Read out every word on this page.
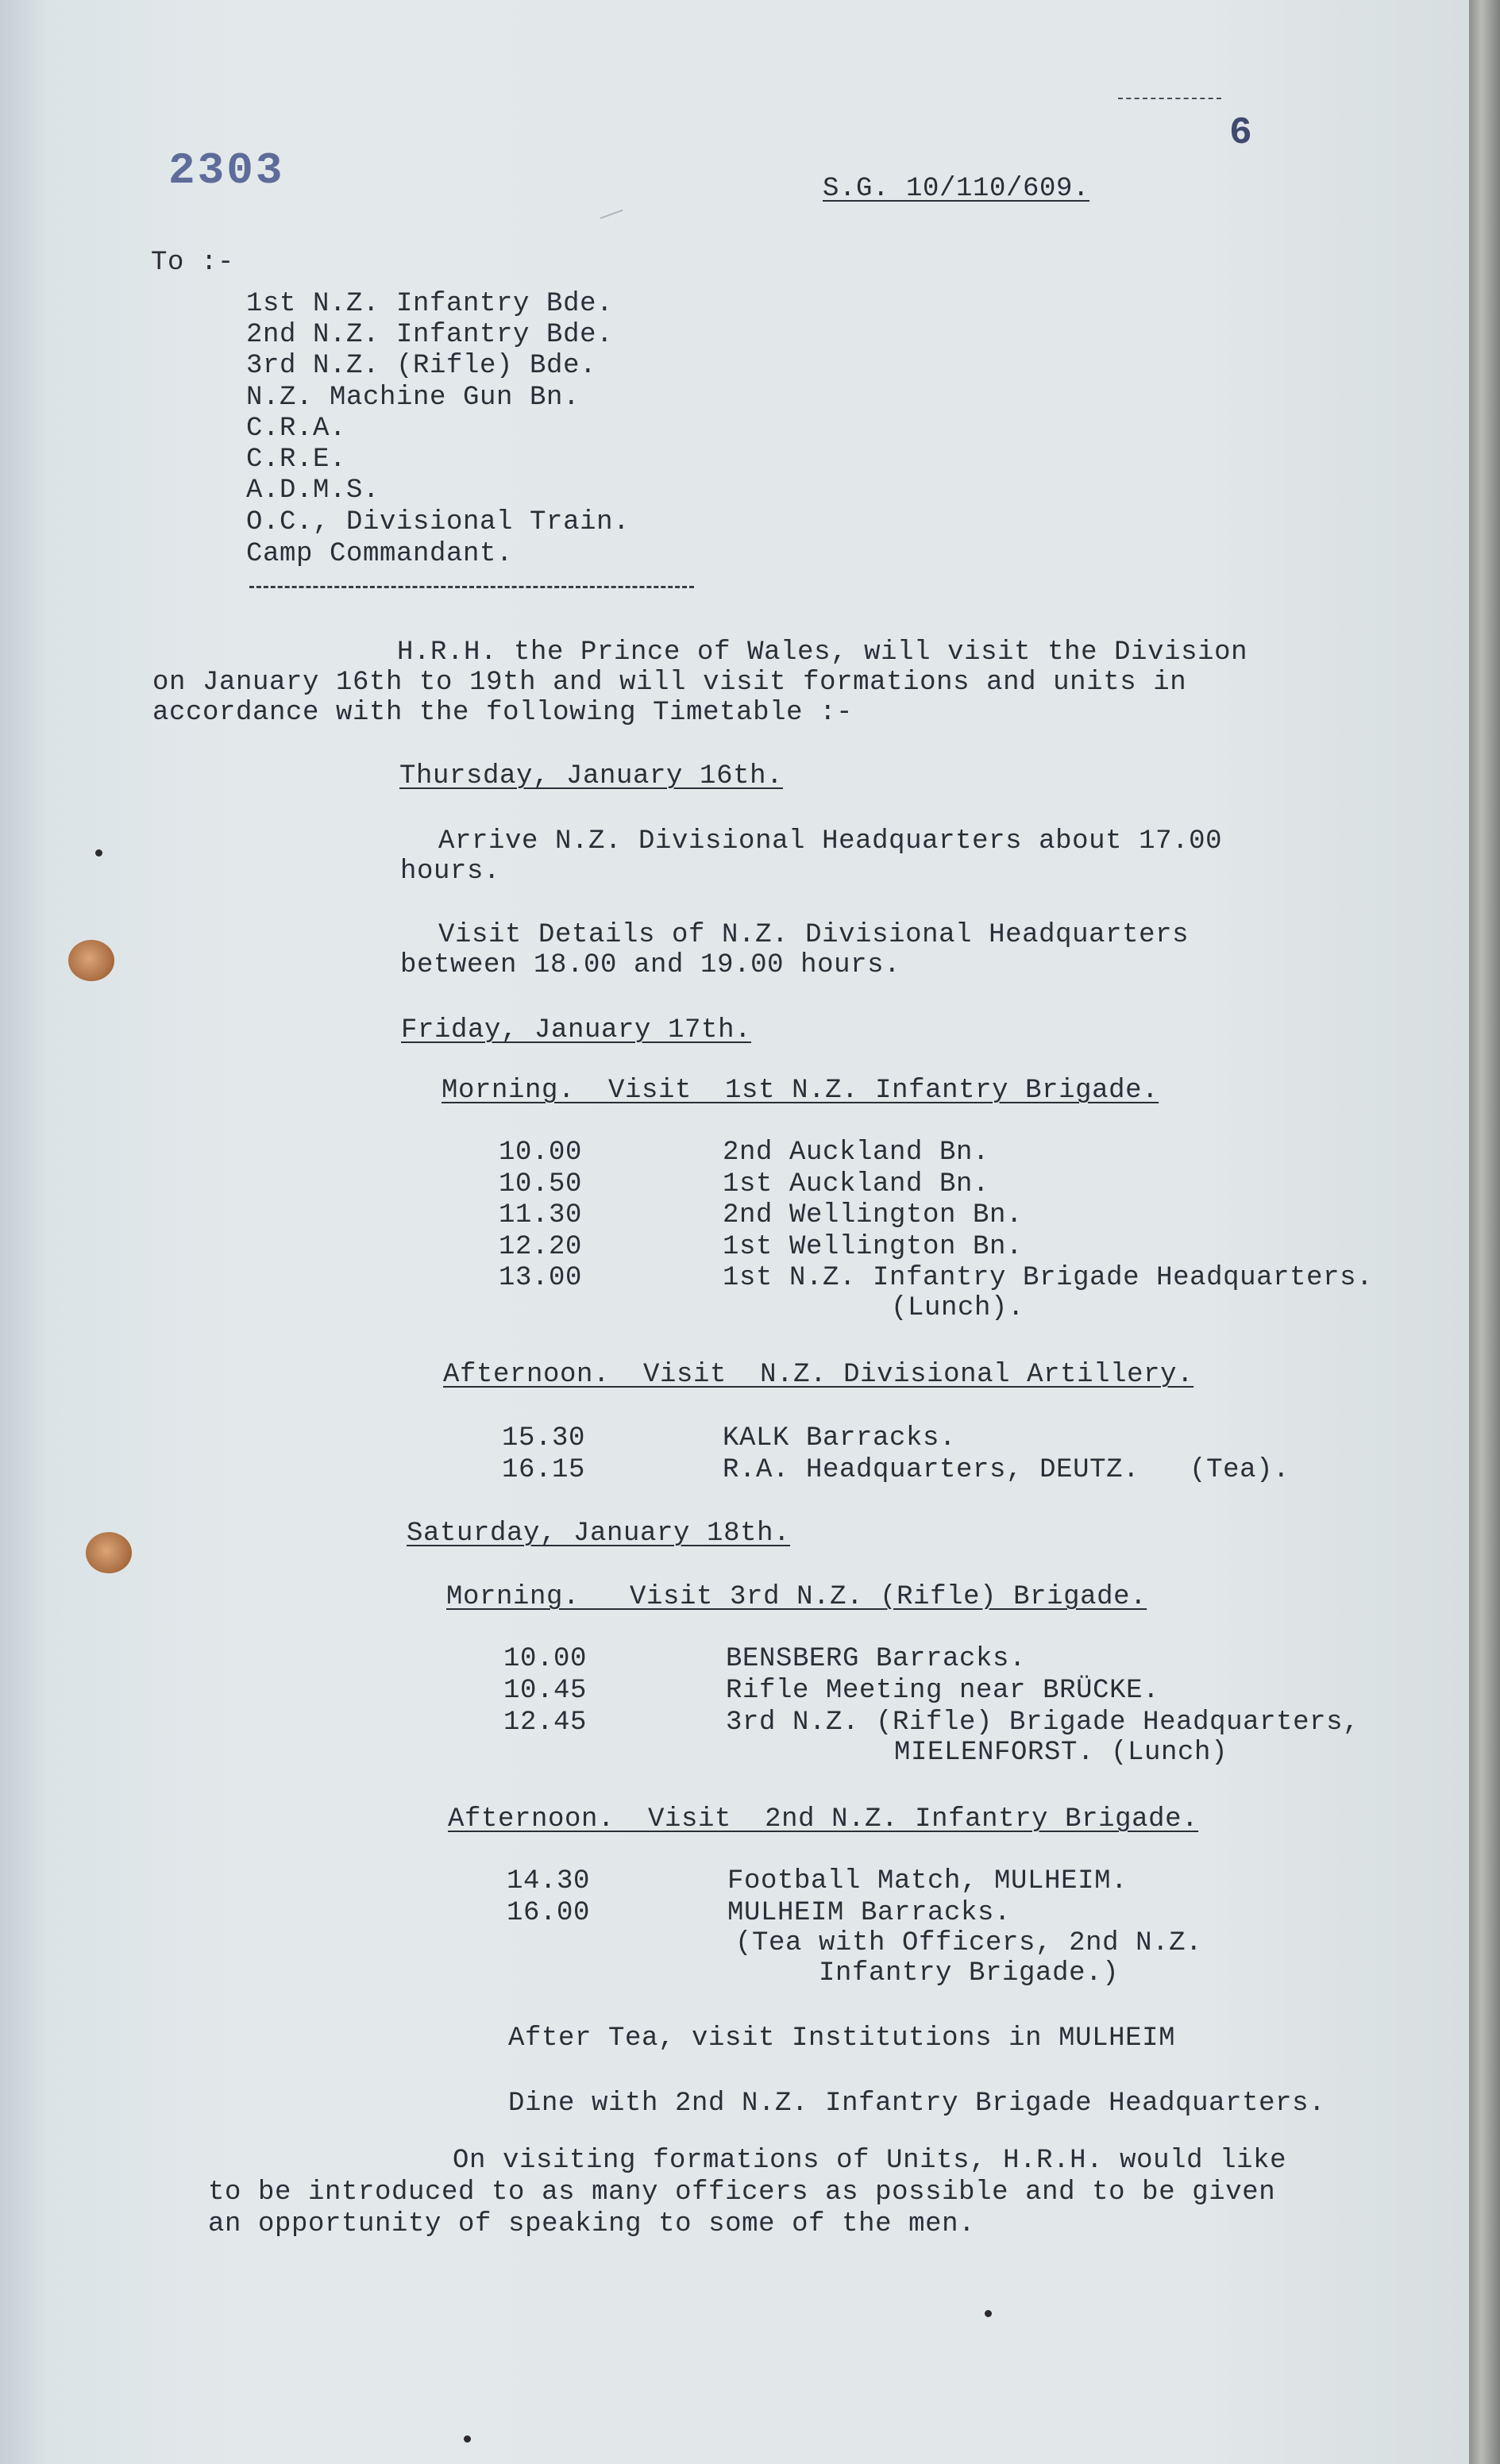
2303
6
S.G. 10/110/609.
To :-
1st N.Z. Infantry Bde.
2nd N.Z. Infantry Bde.
3rd N.Z. (Rifle) Bde.
N.Z. Machine Gun Bn.
C.R.A.
C.R.E.
A.D.M.S.
O.C., Divisional Train.
Camp Commandant.
H.R.H. the Prince of Wales, will visit the Division
on January 16th to 19th and will visit formations and units in
accordance with the following Timetable :-
Thursday, January 16th.
Arrive N.Z. Divisional Headquarters about 17.00
hours.
Visit Details of N.Z. Divisional Headquarters
between 18.00 and 19.00 hours.
Friday, January 17th.
Morning.  Visit  1st N.Z. Infantry Brigade.
10.00	2nd Auckland Bn.
10.50	1st Auckland Bn.
11.30	2nd Wellington Bn.
12.20	1st Wellington Bn.
13.00	1st N.Z. Infantry Brigade Headquarters.
(Lunch).
Afternoon.  Visit  N.Z. Divisional Artillery.
15.30	KALK Barracks.
16.15	R.A. Headquarters, DEUTZ.   (Tea).
Saturday, January 18th.
Morning.   Visit 3rd N.Z. (Rifle) Brigade.
10.00	BENSBERG Barracks.
10.45	Rifle Meeting near BRÜCKE.
12.45	3rd N.Z. (Rifle) Brigade Headquarters,
MIELENFORST. (Lunch)
Afternoon.  Visit  2nd N.Z. Infantry Brigade.
14.30	Football Match, MULHEIM.
16.00	MULHEIM Barracks.
(Tea with Officers, 2nd N.Z.
Infantry Brigade.)
After Tea, visit Institutions in MULHEIM
Dine with 2nd N.Z. Infantry Brigade Headquarters.
On visiting formations of Units, H.R.H. would like
to be introduced to as many officers as possible and to be given
an opportunity of speaking to some of the men.
